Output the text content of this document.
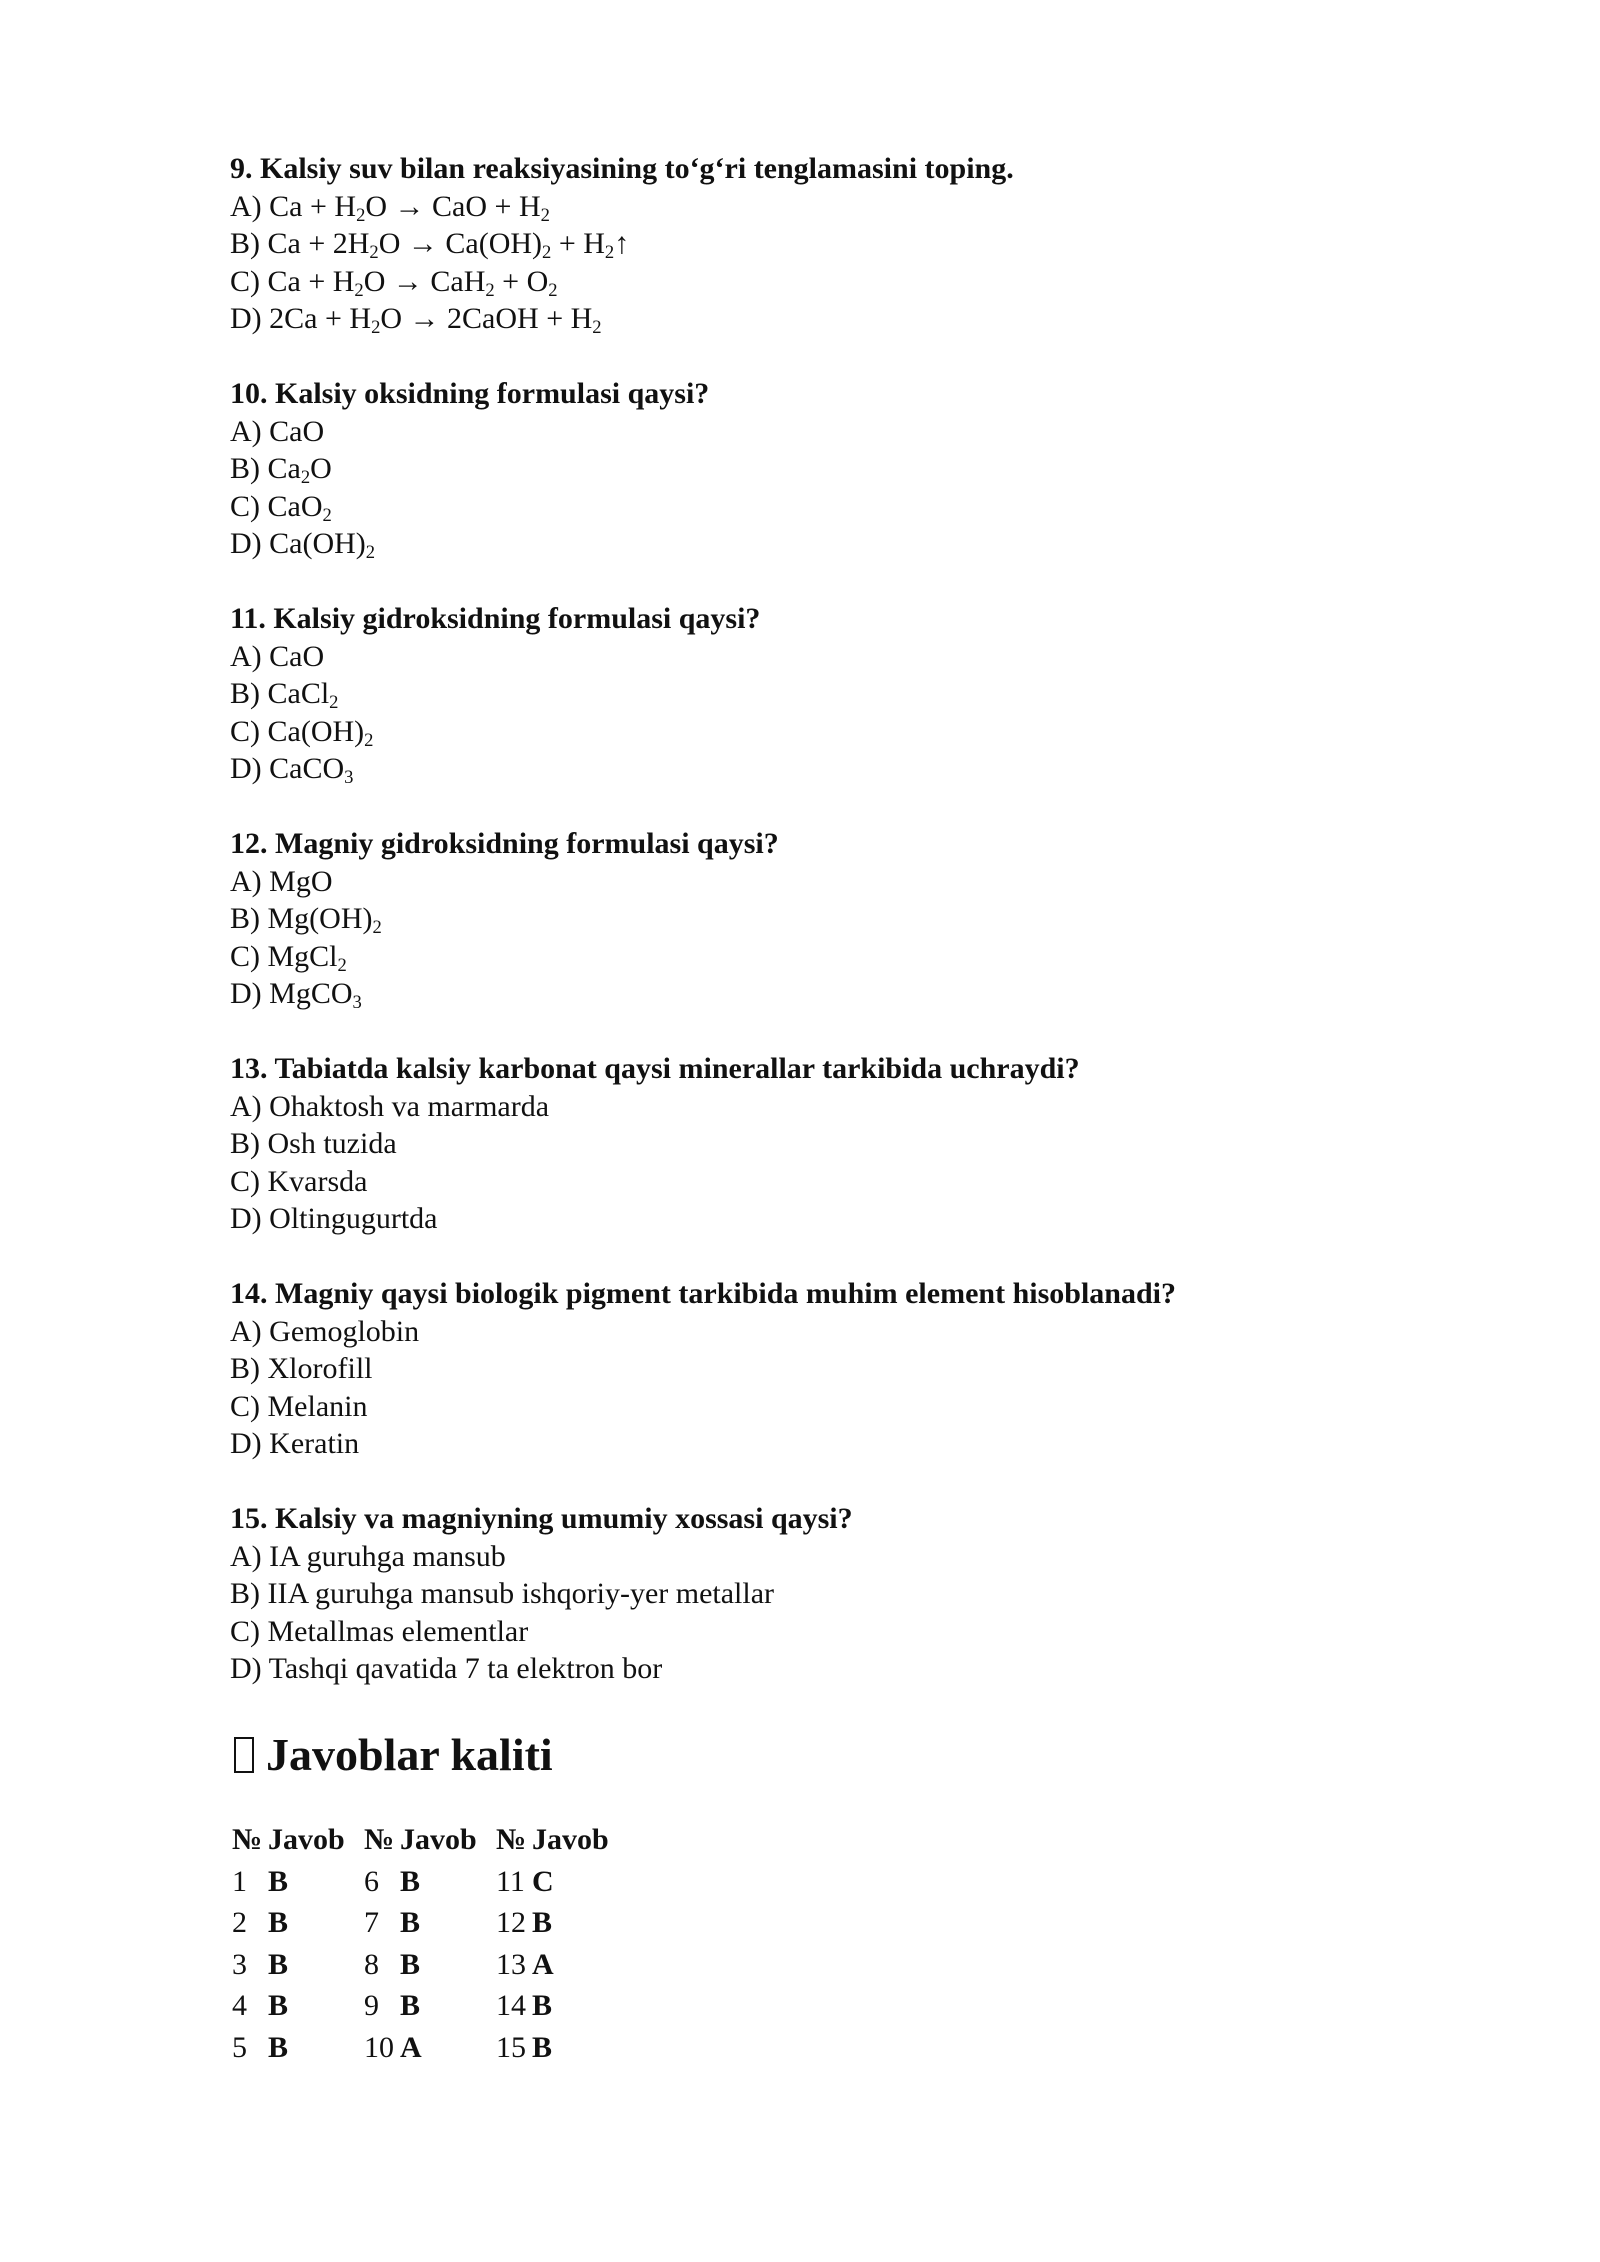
9. Kalsiy suv bilan reaksiyasining to‘g‘ri tenglamasini toping.
A) $Ca + H_2O$ → CaO + $H_2$
B) $Ca + 2H_2O \to Ca(OH)_2$ + $H_2↑$
C) $Ca + H_2O \to CaH_2 + O_2$
D) $2Ca + H_2O$ → 2CaOH + $H_2$
10. Kalsiy oksidning formulasi qaysi?
A) CaO
B) $Ca_2O$
C) CaO$_2$
D) $Ca(OH)_2$
11. Kalsiy gidroksidning formulasi qaysi?
A) CaO
B) CaCl$_2$
C) $Ca(OH)_2$
D) CaCO$_3$
12. Magniy gidroksidning formulasi qaysi?
A) MgO
B) $Mg(OH)_2$
C) MgCl$_2$
D) MgCO$_3$
13. Tabiatda kalsiy karbonat qaysi minerallar tarkibida uchraydi?
A) Ohaktosh va marmarda
B) Osh tuzida
C) Kvarsda
D) Oltingugurtda
14. Magniy qaysi biologik pigment tarkibida muhim element hisoblanadi?
A) Gemoglobin
B) Xlorofill
C) Melanin
D) Keratin
15. Kalsiy va magniyning umumiy xossasi qaysi?
A) IA guruhga mansub
B) IIA guruhga mansub ishqoriy-yer metallar
C) Metallmas elementlar
D) Tashqi qavatida 7 ta elektron bor
Javoblar kaliti
№	Javob	№	Javob	№	Javob
1	B	6	B	11	C
2	B	7	B	12	B
3	B	8	B	13	A
4	B	9	B	14	B
5	B	10	A	15	B
